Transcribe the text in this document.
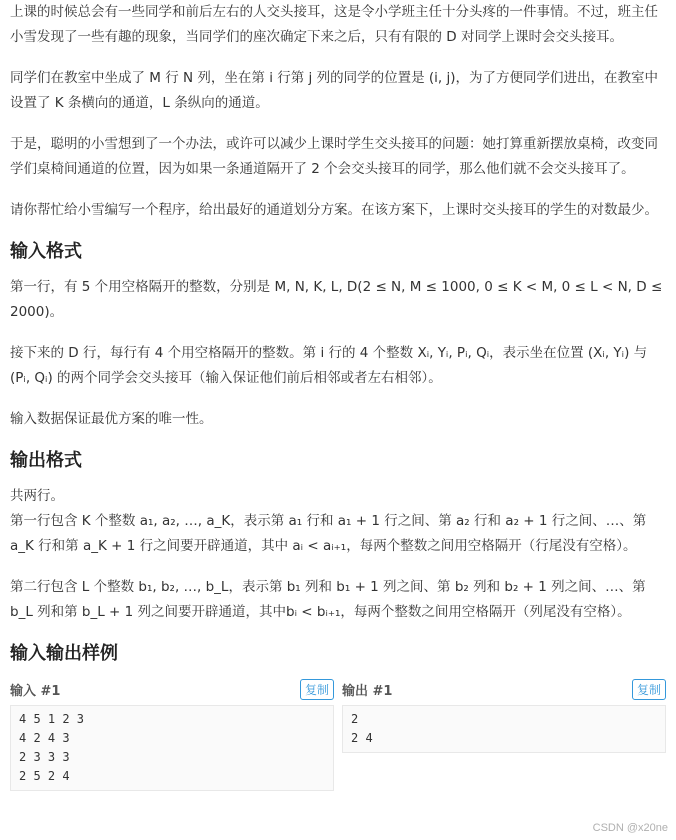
上课的时候总会有一些同学和前后左右的人交头接耳，这是令小学班主任十分头疼的一件事情。不过，班主任小雪发现了一些有趣的现象，当同学们的座次确定下来之后，只有有限的 D 对同学上课时会交头接耳。

同学们在教室中坐成了 M 行 N 列，坐在第 i 行第 j 列的同学的位置是 (i, j)，为了方便同学们进出，在教室中设置了 K 条横向的通道，L 条纵向的通道。

于是，聪明的小雪想到了一个办法，或许可以减少上课时学生交头接耳的问题：她打算重新摆放桌椅，改变同学们桌椅间通道的位置，因为如果一条通道隔开了 2 个会交头接耳的同学，那么他们就不会交头接耳了。

请你帮忙给小雪编写一个程序，给出最好的通道划分方案。在该方案下，上课时交头接耳的学生的对数最少。

输入格式

第一行，有 5 个用空格隔开的整数，分别是 M, N, K, L, D(2 ≤ N, M ≤ 1000, 0 ≤ K < M, 0 ≤ L < N, D ≤ 2000)。

接下来的 D 行，每行有 4 个用空格隔开的整数。第 i 行的 4 个整数 Xᵢ, Yᵢ, Pᵢ, Qᵢ，表示坐在位置 (Xᵢ, Yᵢ) 与 (Pᵢ, Qᵢ) 的两个同学会交头接耳（输入保证他们前后相邻或者左右相邻）。

输入数据保证最优方案的唯一性。

输出格式

共两行。
第一行包含 K 个整数 a₁, a₂, …, a_K，表示第 a₁ 行和 a₁ + 1 行之间、第 a₂ 行和 a₂ + 1 行之间、…、第 a_K 行和第 a_K + 1 行之间要开辟通道，其中 aᵢ < aᵢ₊₁，每两个整数之间用空格隔开（行尾没有空格）。

第二行包含 L 个整数 b₁, b₂, …, b_L，表示第 b₁ 列和 b₁ + 1 列之间、第 b₂ 列和 b₂ + 1 列之间、…、第 b_L 列和第 b_L + 1 列之间要开辟通道，其中bᵢ < bᵢ₊₁，每两个整数之间用空格隔开（列尾没有空格）。

输入输出样例
输入 #1	复制
4 5 1 2 3
4 2 4 3
2 3 3 3
2 5 2 4
输出 #1	复制
2
2 4
CSDN @x20ne
